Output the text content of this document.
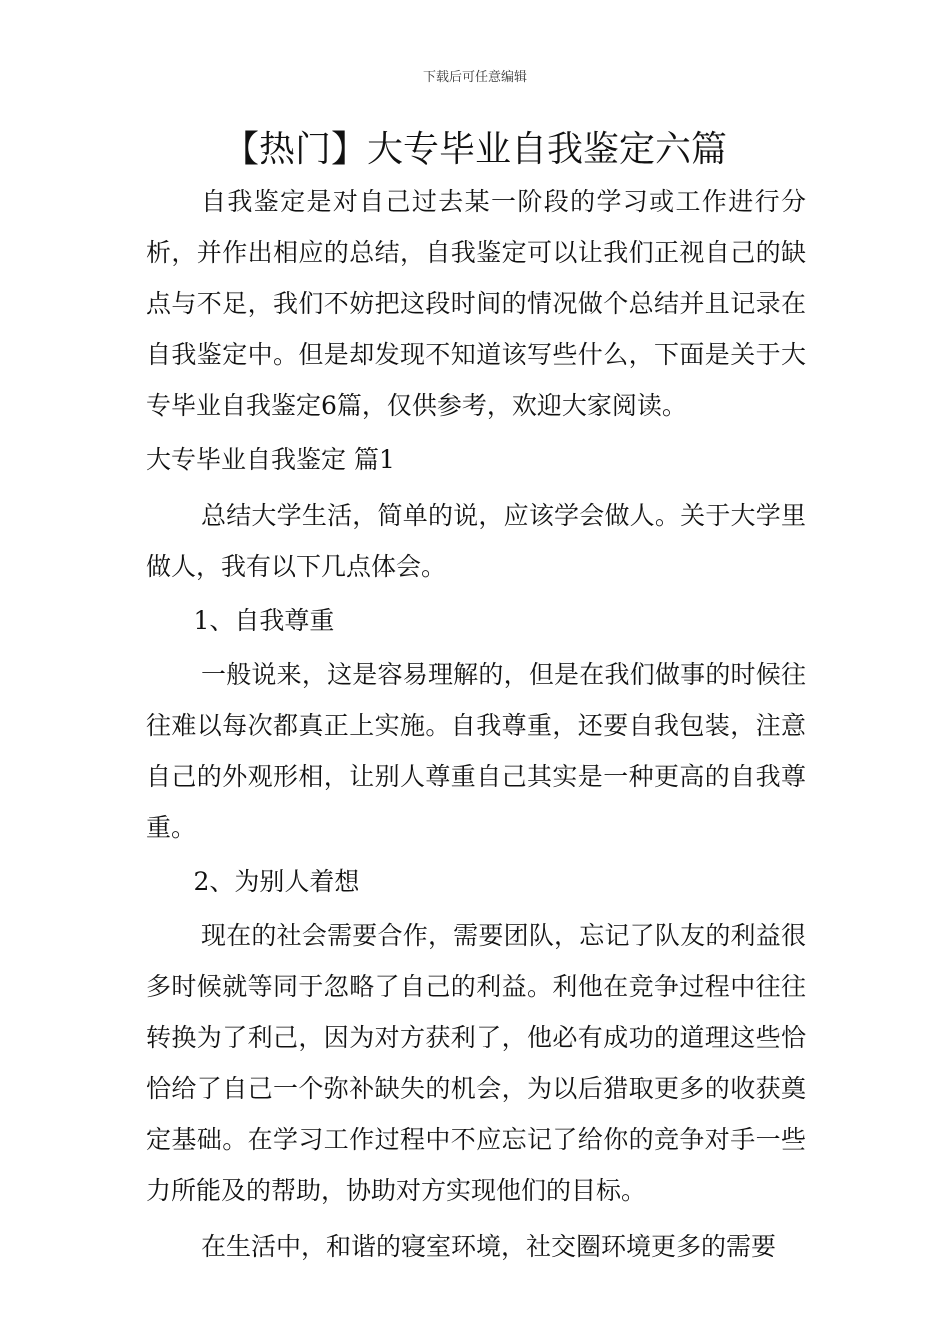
下载后可任意编辑
【热门】大专毕业自我鉴定六篇

自我鉴定是对自己过去某一阶段的学习或工作进行分析，并作出相应的总结，自我鉴定可以让我们正视自己的缺点与不足，我们不妨把这段时间的情况做个总结并且记录在自我鉴定中。但是却发现不知道该写些什么，下面是关于大专毕业自我鉴定6篇，仅供参考，欢迎大家阅读。

大专毕业自我鉴定 篇1

总结大学生活，简单的说，应该学会做人。关于大学里做人，我有以下几点体会。

1、自我尊重

一般说来，这是容易理解的，但是在我们做事的时候往往难以每次都真正上实施。自我尊重，还要自我包装，注意自己的外观形相，让别人尊重自己其实是一种更高的自我尊重。

2、为别人着想

现在的社会需要合作，需要团队，忘记了队友的利益很多时候就等同于忽略了自己的利益。利他在竞争过程中往往转换为了利己，因为对方获利了，他必有成功的道理这些恰恰给了自己一个弥补缺失的机会，为以后猎取更多的收获奠定基础。在学习工作过程中不应忘记了给你的竞争对手一些力所能及的帮助，协助对方实现他们的目标。

在生活中，和谐的寝室环境，社交圈环境更多的需要
